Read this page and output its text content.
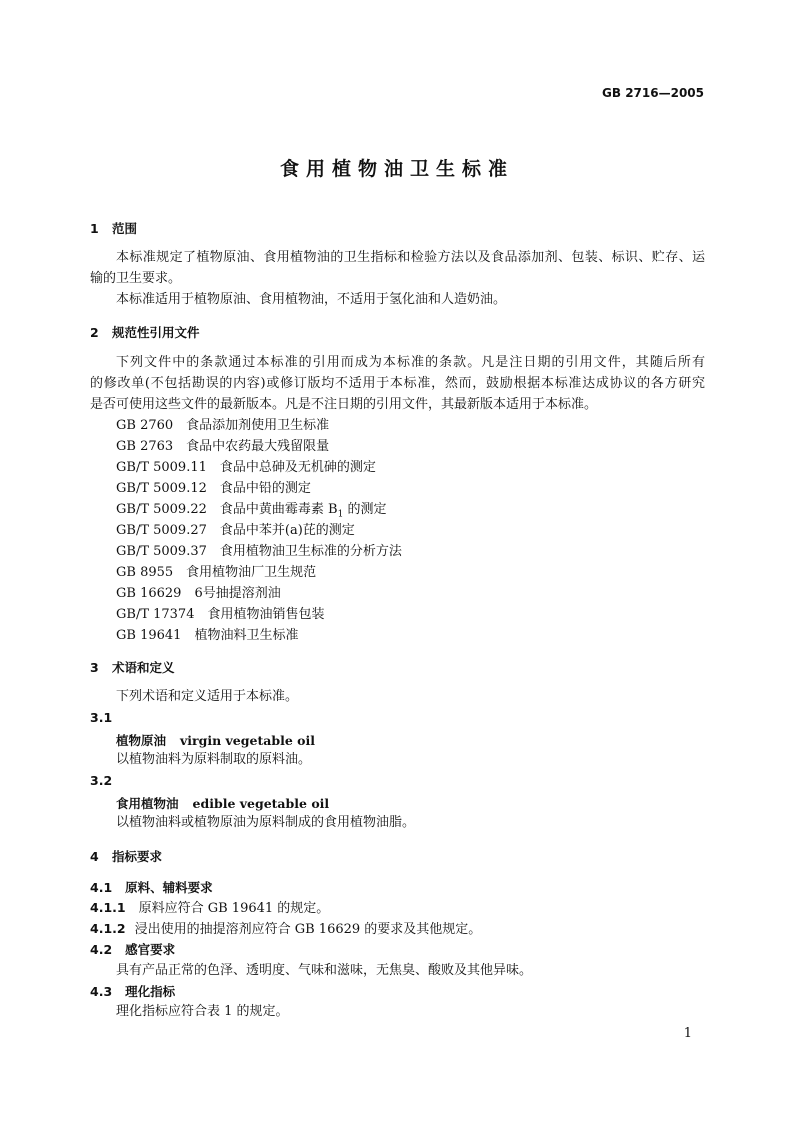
GB 2716—2005
食用植物油卫生标准
1 范围
本标准规定了植物原油、食用植物油的卫生指标和检验方法以及食品添加剂、包装、标识、贮存、运
输的卫生要求。
本标准适用于植物原油、食用植物油，不适用于氢化油和人造奶油。
2 规范性引用文件
下列文件中的条款通过本标准的引用而成为本标准的条款。凡是注日期的引用文件，其随后所有
的修改单(不包括勘误的内容)或修订版均不适用于本标准，然而，鼓励根据本标准达成协议的各方研究
是否可使用这些文件的最新版本。凡是不注日期的引用文件，其最新版本适用于本标准。
GB 2760 食品添加剂使用卫生标准
GB 2763 食品中农药最大残留限量
GB/T 5009.11 食品中总砷及无机砷的测定
GB/T 5009.12 食品中铅的测定
GB/T 5009.22 食品中黄曲霉毒素 $B_1$ 的测定
GB/T 5009.27 食品中苯并(a)芘的测定
GB/T 5009.37 食用植物油卫生标准的分析方法
GB 8955 食用植物油厂卫生规范
GB 16629 6号抽提溶剂油
GB/T 17374 食用植物油销售包装
GB 19641 植物油料卫生标准
3 术语和定义
下列术语和定义适用于本标准。
3.1
植物原油 virgin vegetable oil
以植物油料为原料制取的原料油。
3.2
食用植物油 edible vegetable oil
以植物油料或植物原油为原料制成的食用植物油脂。
4 指标要求
4.1 原料、辅料要求
4.1.1 原料应符合 GB 19641 的规定。
4.1.2 浸出使用的抽提溶剂应符合 GB 16629 的要求及其他规定。
4.2 感官要求
具有产品正常的色泽、透明度、气味和滋味，无焦臭、酸败及其他异味。
4.3 理化指标
理化指标应符合表 1 的规定。
1
